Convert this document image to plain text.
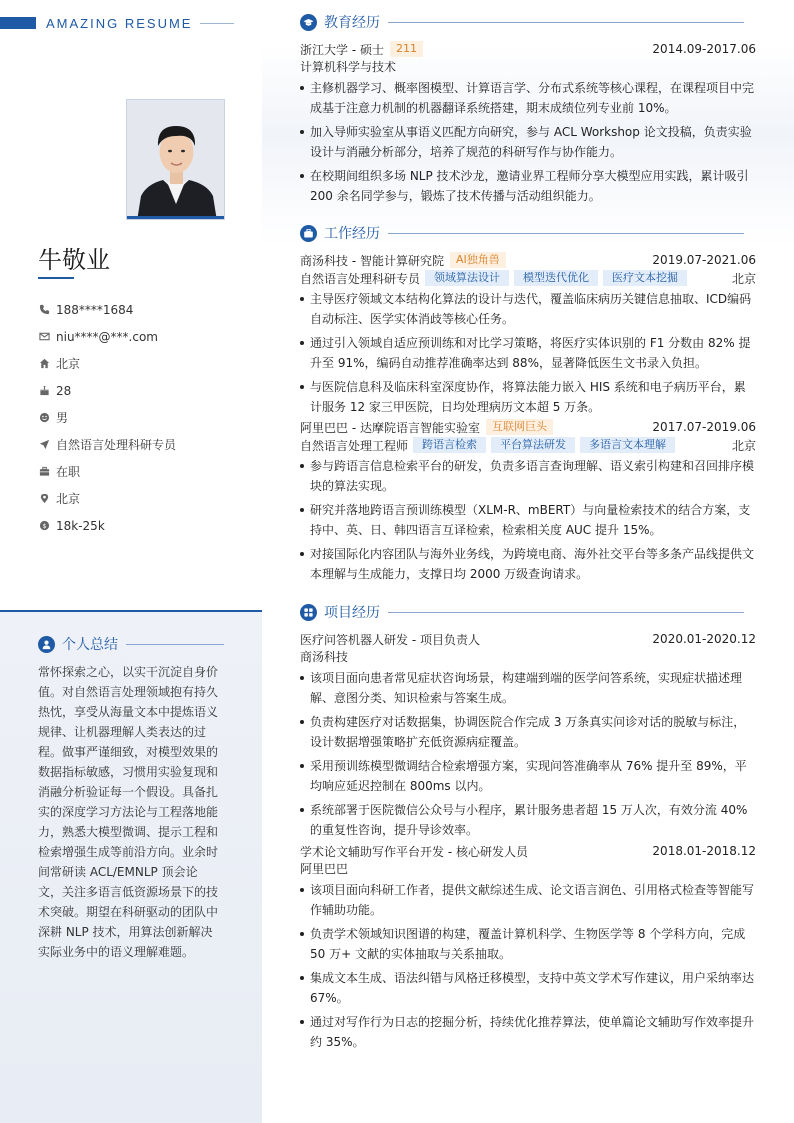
AMAZING RESUME
牛敬业
188****1684
niu****@***.com
北京
28
男
自然语言处理科研专员
在职
北京
$ 18k-25k
个人总结
常怀探索之心，以实干沉淀自身价值。对自然语言处理领域抱有持久热忱，享受从海量文本中提炼语义规律、让机器理解人类表达的过程。做事严谨细致，对模型效果的数据指标敏感，习惯用实验复现和消融分析验证每一个假设。具备扎实的深度学习方法论与工程落地能力，熟悉大模型微调、提示工程和检索增强生成等前沿方向。业余时间常研读 ACL/EMNLP 顶会论文，关注多语言低资源场景下的技术突破。期望在科研驱动的团队中深耕 NLP 技术，用算法创新解决实际业务中的语义理解难题。
教育经历
浙江大学 - 硕士	211	2014.09-2017.06
计算机科学与技术
主修机器学习、概率图模型、计算语言学、分布式系统等核心课程，在课程项目中完成基于注意力机制的机器翻译系统搭建，期末成绩位列专业前 10%。
加入导师实验室从事语义匹配方向研究，参与 ACL Workshop 论文投稿，负责实验设计与消融分析部分，培养了规范的科研写作与协作能力。
在校期间组织多场 NLP 技术沙龙，邀请业界工程师分享大模型应用实践，累计吸引 200 余名同学参与，锻炼了技术传播与活动组织能力。
工作经历
商汤科技 - 智能计算研究院	AI独角兽	2019.07-2021.06
自然语言处理科研专员	领域算法设计	模型迭代优化	医疗文本挖掘	北京
主导医疗领域文本结构化算法的设计与迭代，覆盖临床病历关键信息抽取、ICD编码自动标注、医学实体消歧等核心任务。
通过引入领域自适应预训练和对比学习策略，将医疗实体识别的 F1 分数由 82% 提升至 91%，编码自动推荐准确率达到 88%，显著降低医生文书录入负担。
与医院信息科及临床科室深度协作，将算法能力嵌入 HIS 系统和电子病历平台，累计服务 12 家三甲医院，日均处理病历文本超 5 万条。
阿里巴巴 - 达摩院语言智能实验室	互联网巨头	2017.07-2019.06
自然语言处理工程师	跨语言检索	平台算法研发	多语言文本理解	北京
参与跨语言信息检索平台的研发，负责多语言查询理解、语义索引构建和召回排序模块的算法实现。
研究并落地跨语言预训练模型（XLM-R、mBERT）与向量检索技术的结合方案，支持中、英、日、韩四语言互译检索，检索相关度 AUC 提升 15%。
对接国际化内容团队与海外业务线，为跨境电商、海外社交平台等多条产品线提供文本理解与生成能力，支撑日均 2000 万级查询请求。
项目经历
医疗问答机器人研发 - 项目负责人	2020.01-2020.12
商汤科技
该项目面向患者常见症状咨询场景，构建端到端的医学问答系统，实现症状描述理解、意图分类、知识检索与答案生成。
负责构建医疗对话数据集，协调医院合作完成 3 万条真实问诊对话的脱敏与标注，设计数据增强策略扩充低资源病症覆盖。
采用预训练模型微调结合检索增强方案，实现问答准确率从 76% 提升至 89%，平均响应延迟控制在 800ms 以内。
系统部署于医院微信公众号与小程序，累计服务患者超 15 万人次，有效分流 40% 的重复性咨询，提升导诊效率。
学术论文辅助写作平台开发 - 核心研发人员	2018.01-2018.12
阿里巴巴
该项目面向科研工作者，提供文献综述生成、论文语言润色、引用格式检查等智能写作辅助功能。
负责学术领域知识图谱的构建，覆盖计算机科学、生物医学等 8 个学科方向，完成 50 万+ 文献的实体抽取与关系抽取。
集成文本生成、语法纠错与风格迁移模型，支持中英文学术写作建议，用户采纳率达 67%。
通过对写作行为日志的挖掘分析，持续优化推荐算法，使单篇论文辅助写作效率提升约 35%。
